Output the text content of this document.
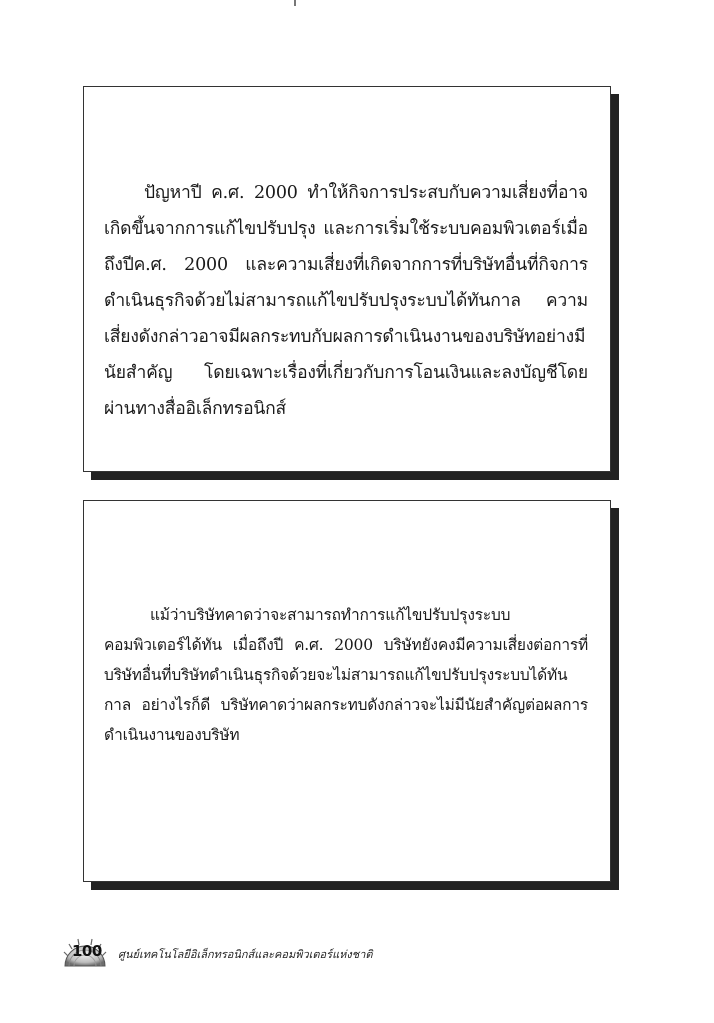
ปัญหาปี ค.ศ. 2000 ทำให้กิจการประสบกับความเสี่ยงที่อาจเกิดขึ้นจากการแก้ไขปรับปรุง และการเริ่มใช้ระบบคอมพิวเตอร์เมื่อถึงปีค.ศ. 2000 และความเสี่ยงที่เกิดจากการที่บริษัทอื่นที่กิจการดำเนินธุรกิจด้วยไม่สามารถแก้ไขปรับปรุงระบบได้ทันกาล ความเสี่ยงดังกล่าวอาจมีผลกระทบกับผลการดำเนินงานของบริษัทอย่างมีนัยสำคัญ โดยเฉพาะเรื่องที่เกี่ยวกับการโอนเงินและลงบัญชีโดยผ่านทางสื่ออิเล็กทรอนิกส์

แม้ว่าบริษัทคาดว่าจะสามารถทำการแก้ไขปรับปรุงระบบคอมพิวเตอร์ได้ทัน เมื่อถึงปี ค.ศ. 2000 บริษัทยังคงมีความเสี่ยงต่อการที่บริษัทอื่นที่บริษัทดำเนินธุรกิจด้วยจะไม่สามารถแก้ไขปรับปรุงระบบได้ทันกาล อย่างไรก็ดี บริษัทคาดว่าผลกระทบดังกล่าวจะไม่มีนัยสำคัญต่อผลการดำเนินงานของบริษัท

100 ศูนย์เทคโนโลยีอิเล็กทรอนิกส์และคอมพิวเตอร์แห่งชาติ
